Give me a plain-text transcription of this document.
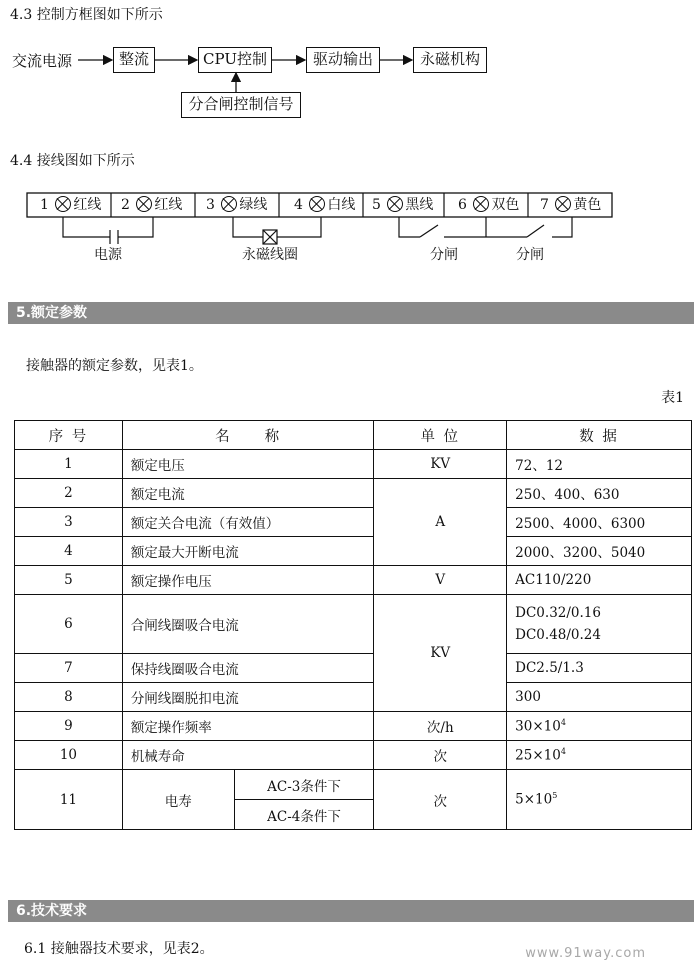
4.3 控制方框图如下所示
交流电源	整流	CPU控制	驱动输出	永磁机构
分合闸控制信号
4.4 接线图如下所示
1 红线 2 红线 3 绿线 4 白线 5 黑线 6 双色 7 黄色
电源	永磁线圈	分闸	分闸
5.额定参数
接触器的额定参数，见表1。
表1
序 号	名　　称		单 位	数 据
1	额定电压		KV	72、12
2	额定电流		A	250、400、630
3	额定关合电流（有效值）			2500、4000、6300
4	额定最大开断电流			2000、3200、5040
5	额定操作电压		V	AC110/220
6	合闸线圈吸合电流		KV	DC0.32/0.16
DC0.48/0.24

7	保持线圈吸合电流			DC2.5/1.3
8	分闸线圈脱扣电流			300
9	额定操作频率		次/h	$30\times 10^4$
10	机械寿命		次	$25\times 10^4$
11	电寿	AC-3条件下	次	$5\times 10^5$
		AC-4条件下		
6.技术要求
6.1 接触器技术要求，见表2。	www.91way.com
